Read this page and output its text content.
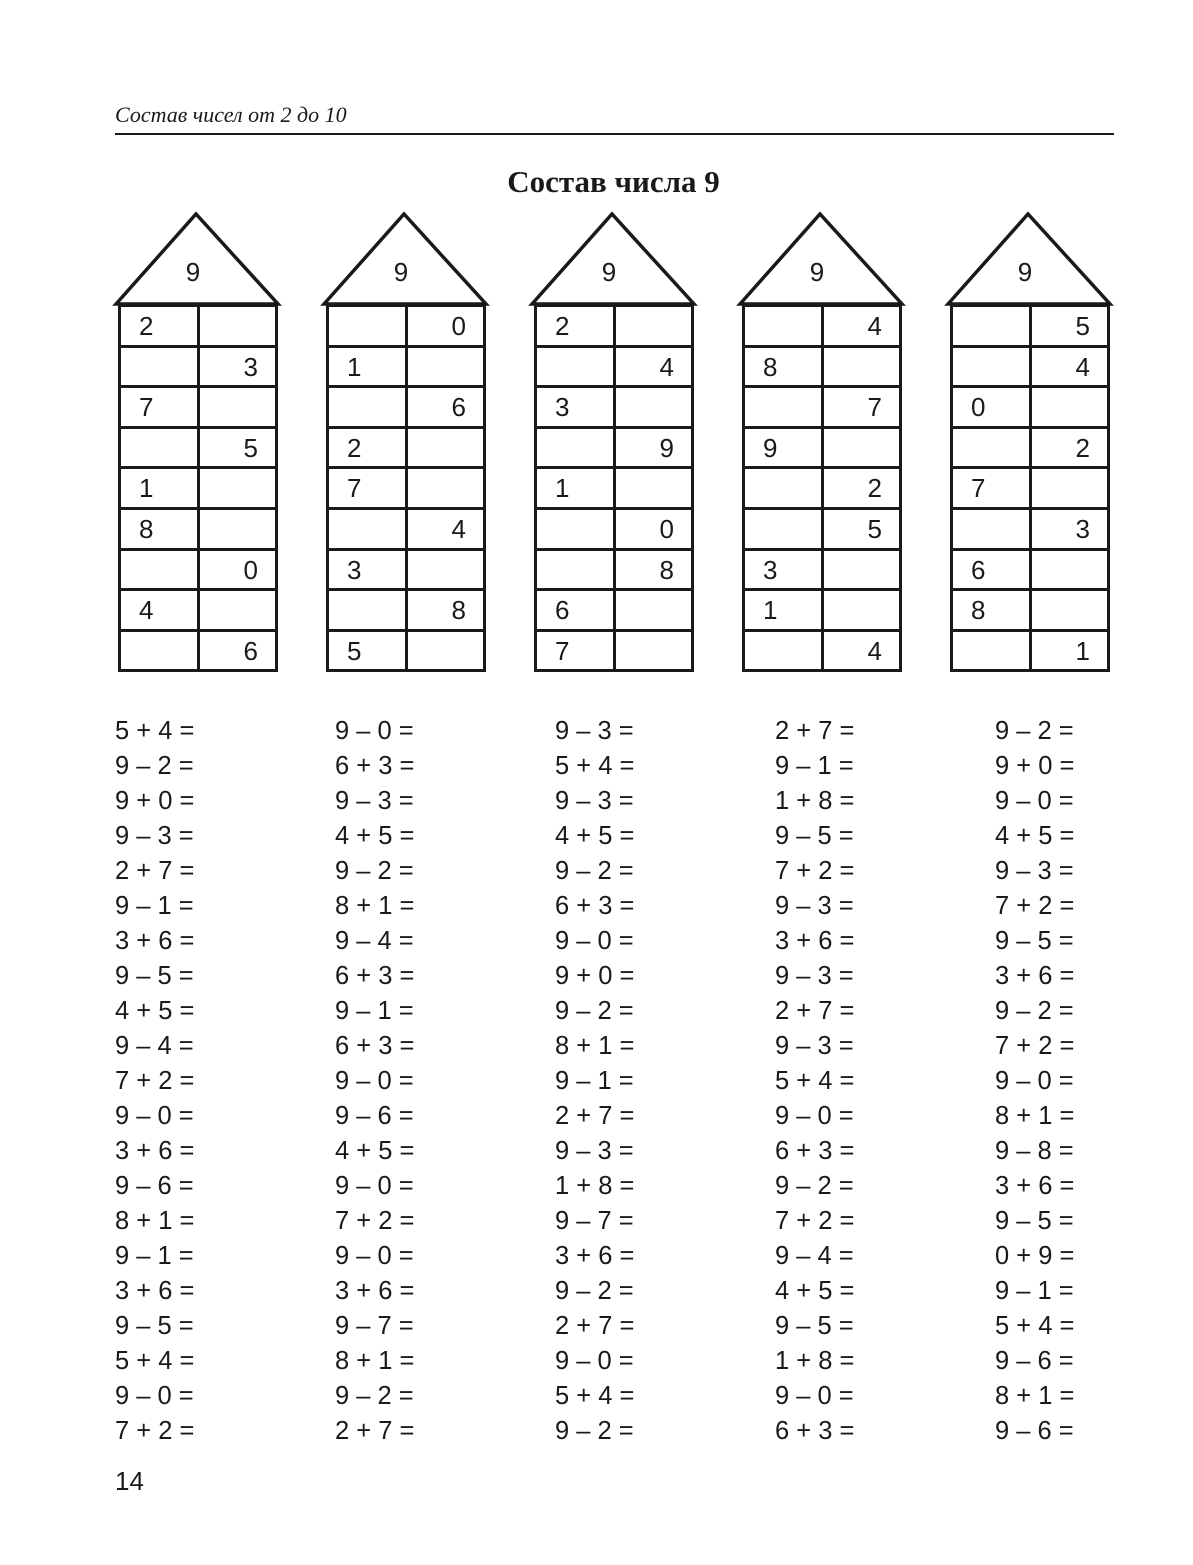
Состав чисел от 2 до 10
Состав числа 9
9
2
3
7
5
1
8
0
4
6
9
0
1
6
2
7
4
3
8
5
9
2
4
3
9
1
0
8
6
7
9
4
8
7
9
2
5
3
1
4
9
5
4
0
2
7
3
6
8
1
5 + 4 =
9 – 2 =
9 + 0 =
9 – 3 =
2 + 7 =
9 – 1 =
3 + 6 =
9 – 5 =
4 + 5 =
9 – 4 =
7 + 2 =
9 – 0 =
3 + 6 =
9 – 6 =
8 + 1 =
9 – 1 =
3 + 6 =
9 – 5 =
5 + 4 =
9 – 0 =
7 + 2 =
9 – 0 =
6 + 3 =
9 – 3 =
4 + 5 =
9 – 2 =
8 + 1 =
9 – 4 =
6 + 3 =
9 – 1 =
6 + 3 =
9 – 0 =
9 – 6 =
4 + 5 =
9 – 0 =
7 + 2 =
9 – 0 =
3 + 6 =
9 – 7 =
8 + 1 =
9 – 2 =
2 + 7 =
9 – 3 =
5 + 4 =
9 – 3 =
4 + 5 =
9 – 2 =
6 + 3 =
9 – 0 =
9 + 0 =
9 – 2 =
8 + 1 =
9 – 1 =
2 + 7 =
9 – 3 =
1 + 8 =
9 – 7 =
3 + 6 =
9 – 2 =
2 + 7 =
9 – 0 =
5 + 4 =
9 – 2 =
2 + 7 =
9 – 1 =
1 + 8 =
9 – 5 =
7 + 2 =
9 – 3 =
3 + 6 =
9 – 3 =
2 + 7 =
9 – 3 =
5 + 4 =
9 – 0 =
6 + 3 =
9 – 2 =
7 + 2 =
9 – 4 =
4 + 5 =
9 – 5 =
1 + 8 =
9 – 0 =
6 + 3 =
9 – 2 =
9 + 0 =
9 – 0 =
4 + 5 =
9 – 3 =
7 + 2 =
9 – 5 =
3 + 6 =
9 – 2 =
7 + 2 =
9 – 0 =
8 + 1 =
9 – 8 =
3 + 6 =
9 – 5 =
0 + 9 =
9 – 1 =
5 + 4 =
9 – 6 =
8 + 1 =
9 – 6 =
14
